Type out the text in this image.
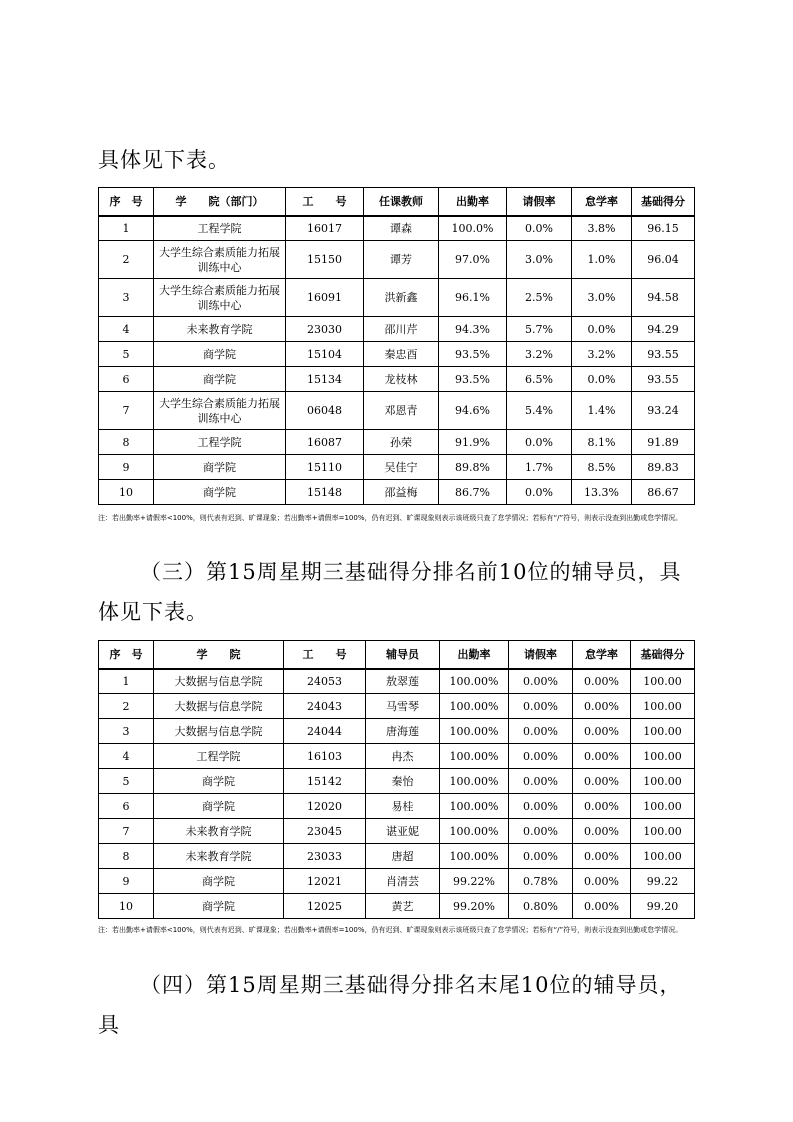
具体见下表。

序　号	学　　院（部门）	工　　号	任课教师	出勤率	请假率	怠学率	基础得分
1	工程学院	16017	谭森	100.0%	0.0%	3.8%	96.15
2	大学生综合素质能力拓展训练中心	15150	谭芳	97.0%	3.0%	1.0%	96.04
3	大学生综合素质能力拓展训练中心	16091	洪新鑫	96.1%	2.5%	3.0%	94.58
4	未来教育学院	23030	邵川芹	94.3%	5.7%	0.0%	94.29
5	商学院	15104	秦忠酉	93.5%	3.2%	3.2%	93.55
6	商学院	15134	龙枝林	93.5%	6.5%	0.0%	93.55
7	大学生综合素质能力拓展训练中心	06048	邓恩青	94.6%	5.4%	1.4%	93.24
8	工程学院	16087	孙荣	91.9%	0.0%	8.1%	91.89
9	商学院	15110	吴佳宁	89.8%	1.7%	8.5%	89.83
10	商学院	15148	邵益梅	86.7%	0.0%	13.3%	86.67

注：若出勤率+请假率<100%，则代表有迟到、旷课现象；若出勤率+请假率=100%，仍有迟到、旷课现象则表示该班级只查了怠学情况；若标有“/”符号，则表示没查到出勤或怠学情况。

（三）第15周星期三基础得分排名前10位的辅导员，具体见下表。

序　号	学　　院	工　　号	辅导员	出勤率	请假率	怠学率	基础得分
1	大数据与信息学院	24053	敖翠莲	100.00%	0.00%	0.00%	100.00
2	大数据与信息学院	24043	马雪琴	100.00%	0.00%	0.00%	100.00
3	大数据与信息学院	24044	唐海莲	100.00%	0.00%	0.00%	100.00
4	工程学院	16103	冉杰	100.00%	0.00%	0.00%	100.00
5	商学院	15142	秦怡	100.00%	0.00%	0.00%	100.00
6	商学院	12020	易桂	100.00%	0.00%	0.00%	100.00
7	未来教育学院	23045	谌亚妮	100.00%	0.00%	0.00%	100.00
8	未来教育学院	23033	唐超	100.00%	0.00%	0.00%	100.00
9	商学院	12021	肖清芸	99.22%	0.78%	0.00%	99.22
10	商学院	12025	黄艺	99.20%	0.80%	0.00%	99.20

注：若出勤率+请假率<100%，则代表有迟到、旷课现象；若出勤率+请假率=100%，仍有迟到、旷课现象则表示该班级只查了怠学情况；若标有“/”符号，则表示没查到出勤或怠学情况。

（四）第15周星期三基础得分排名末尾10位的辅导员，具
